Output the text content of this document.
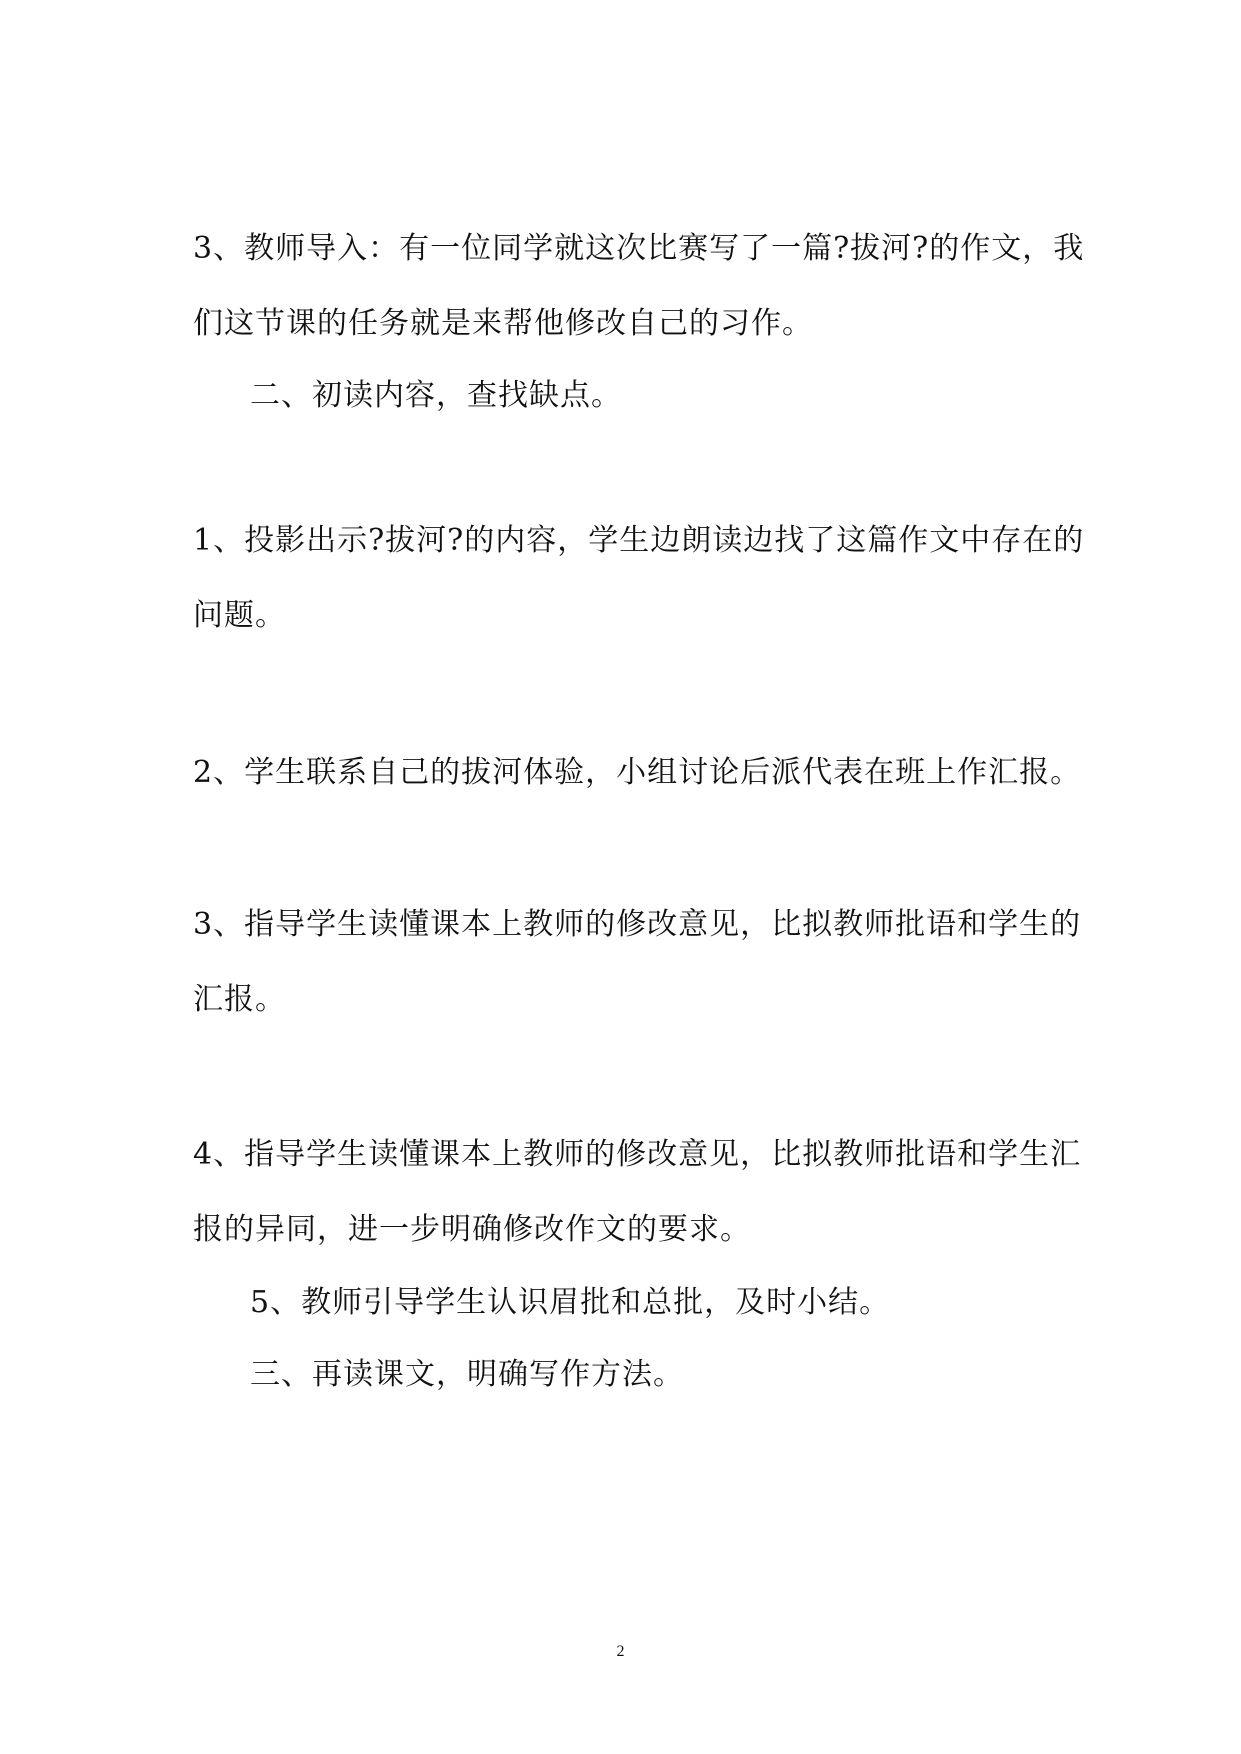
3、教师导入：有一位同学就这次比赛写了一篇?拔河?的作文，我
们这节课的任务就是来帮他修改自己的习作。
二、初读内容，查找缺点。
1、投影出示?拔河?的内容，学生边朗读边找了这篇作文中存在的
问题。
2、学生联系自己的拔河体验，小组讨论后派代表在班上作汇报。
3、指导学生读懂课本上教师的修改意见，比拟教师批语和学生的
汇报。
4、指导学生读懂课本上教师的修改意见，比拟教师批语和学生汇
报的异同，进一步明确修改作文的要求。
5、教师引导学生认识眉批和总批，及时小结。
三、再读课文，明确写作方法。
2
